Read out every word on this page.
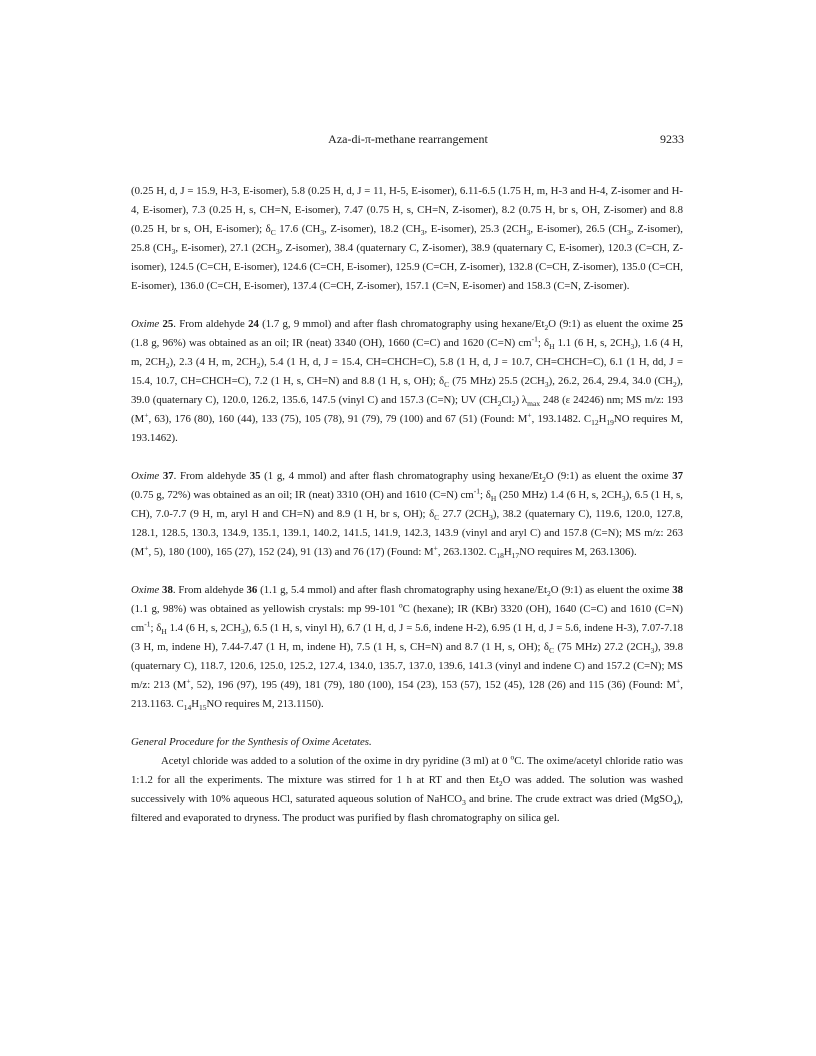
Aza-di-π-methane rearrangement	9233

(0.25 H, d, J = 15.9, H-3, E-isomer), 5.8 (0.25 H, d, J = 11, H-5, E-isomer), 6.11-6.5 (1.75 H, m, H-3 and H-4, Z-isomer and H-4, E-isomer), 7.3 (0.25 H, s, CH=N, E-isomer), 7.47 (0.75 H, s, CH=N, Z-isomer), 8.2 (0.75 H, br s, OH, Z-isomer) and 8.8 (0.25 H, br s, OH, E-isomer); $\delta_C$ 17.6 ($CH_3$, Z-isomer), 18.2 ($CH_3$, E-isomer), 25.3 ($2CH_3$, E-isomer), 26.5 ($CH_3$, Z-isomer), 25.8 ($CH_3$, E-isomer), 27.1 ($2CH_3$, Z-isomer), 38.4 (quaternary C, Z-isomer), 38.9 (quaternary C, E-isomer), 120.3 (C=CH, Z-isomer), 124.5 (C=CH, E-isomer), 124.6 (C=CH, E-isomer), 125.9 (C=CH, Z-isomer), 132.8 (C=CH, Z-isomer), 135.0 (C=CH, E-isomer), 136.0 (C=CH, E-isomer), 137.4 (C=CH, Z-isomer), 157.1 (C=N, E-isomer) and 158.3 (C=N, Z-isomer).

Oxime 25. From aldehyde 24 (1.7 g, 9 mmol) and after flash chromatography using hexane/$Et_2O$ (9:1) as eluent the oxime 25 (1.8 g, 96%) was obtained as an oil; IR (neat) 3340 (OH), 1660 (C=C) and 1620 (C=N) $cm^{-1}$; $\delta_H$ 1.1 (6 H, s, $2CH_3$), 1.6 (4 H, m, $2CH_2$), 2.3 (4 H, m, $2CH_2$), 5.4 (1 H, d, J = 15.4, CH=CHCH=C), 5.8 (1 H, d, J = 10.7, CH=CHCH=C), 6.1 (1 H, dd, J = 15.4, 10.7, CH=CHCH=C), 7.2 (1 H, s, CH=N) and 8.8 (1 H, s, OH); $\delta_C$ (75 MHz) 25.5 $(2CH_3)$, 26.2, 26.4, 29.4, 34.0 $(CH_2)$, 39.0 (quaternary C), 120.0, 126.2, 135.6, 147.5 (vinyl C) and 157.3 (C=N); UV $(CH_2Cl_2)$ $\lambda_{max}$ 248 (ε 24246) nm; MS m/z: 193 (M+, 63), 176 (80), 160 (44), 133 (75), 105 (78), 91 (79), 79 (100) and 67 (51) (Found: M+, 193.1482. $C_{12}H_{19}NO$ requires M, 193.1462).

Oxime 37. From aldehyde 35 (1 g, 4 mmol) and after flash chromatography using hexane/$Et_2O$ (9:1) as eluent the oxime 37 (0.75 g, 72%) was obtained as an oil; IR (neat) 3310 (OH) and 1610 (C=N) $cm^{-1}$; $\delta_H$ (250 MHz) 1.4 (6 H, s, $2CH_3$), 6.5 (1 H, s, CH), 7.0-7.7 (9 H, m, aryl H and CH=N) and 8.9 (1 H, br s, OH); $\delta_C$ 27.7 $(2CH_3)$, 38.2 (quaternary C), 119.6, 120.0, 127.8, 128.1, 128.5, 130.3, 134.9, 135.1, 139.1, 140.2, 141.5, 141.9, 142.3, 143.9 (vinyl and aryl C) and 157.8 (C=N); MS m/z: 263 (M+, 5), 180 (100), 165 (27), 152 (24), 91 (13) and 76 (17) (Found: M+, 263.1302. $C_{18}H_{17}NO$ requires M, 263.1306).

Oxime 38. From aldehyde 36 (1.1 g, 5.4 mmol) and after flash chromatography using hexane/$Et_2O$ (9:1) as eluent the oxime 38 (1.1 g, 98%) was obtained as yellowish crystals: mp 99-101 $^o$C (hexane); IR (KBr) 3320 (OH), 1640 (C=C) and 1610 (C=N) $cm^{-1}$; $\delta_H$ 1.4 (6 H, s, $2CH_3$), 6.5 (1 H, s, vinyl H), 6.7 (1 H, d, J = 5.6, indene H-2), 6.95 (1 H, d, J = 5.6, indene H-3), 7.07-7.18 (3 H, m, indene H), 7.44-7.47 (1 H, m, indene H), 7.5 (1 H, s, CH=N) and 8.7 (1 H, s, OH); $\delta_C$ (75 MHz) 27.2 $(2CH_3)$, 39.8 (quaternary C), 118.7, 120.6, 125.0, 125.2, 127.4, 134.0, 135.7, 137.0, 139.6, 141.3 (vinyl and indene C) and 157.2 (C=N); MS m/z: 213 (M+, 52), 196 (97), 195 (49), 181 (79), 180 (100), 154 (23), 153 (57), 152 (45), 128 (26) and 115 (36) (Found: M+, 213.1163. $C_{14}H_{15}NO$ requires M, 213.1150).

General Procedure for the Synthesis of Oxime Acetates.

Acetyl chloride was added to a solution of the oxime in dry pyridine (3 ml) at 0 $^o$C. The oxime/acetyl chloride ratio was 1:1.2 for all the experiments. The mixture was stirred for 1 h at RT and then $Et_2O$ was added. The solution was washed successively with 10% aqueous HCl, saturated aqueous solution of NaHCO$_3$ and brine. The crude extract was dried (MgSO$_4$), filtered and evaporated to dryness. The product was purified by flash chromatography on silica gel.
